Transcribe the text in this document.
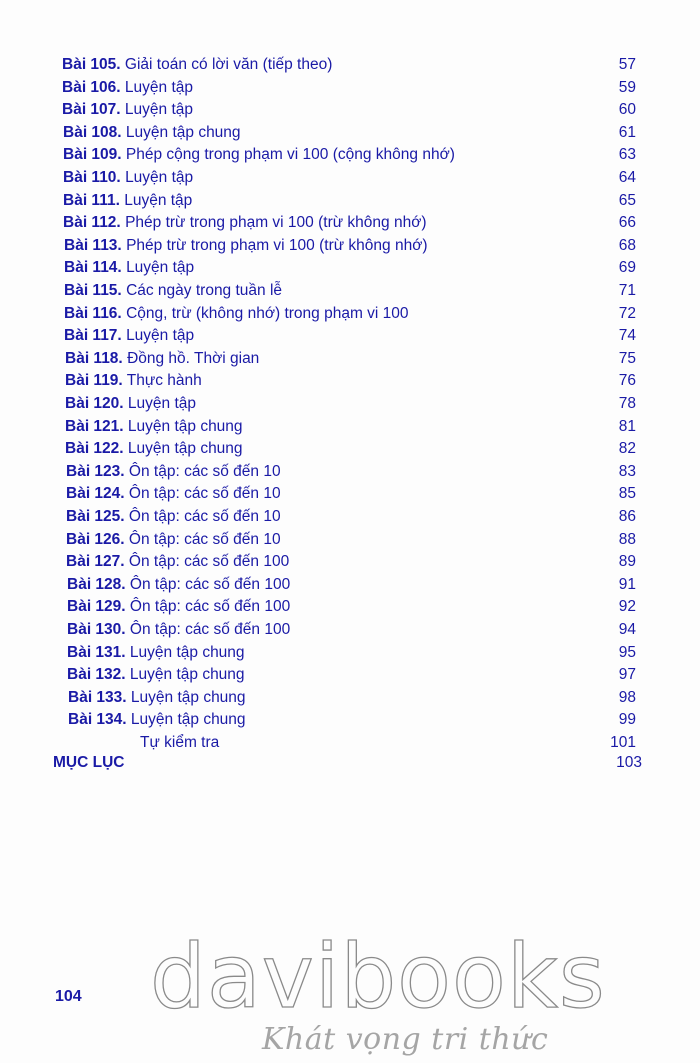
Bài 105. Giải toán có lời văn (tiếp theo)	57
Bài 106. Luyện tập	59
Bài 107. Luyện tập	60
Bài 108. Luyện tập chung	61
Bài 109. Phép cộng trong phạm vi 100 (cộng không nhớ)	63
Bài 110. Luyện tập	64
Bài 111. Luyện tập	65
Bài 112. Phép trừ trong phạm vi 100 (trừ không nhớ)	66
Bài 113. Phép trừ trong phạm vi 100 (trừ không nhớ)	68
Bài 114. Luyện tập	69
Bài 115. Các ngày trong tuần lễ	71
Bài 116. Cộng, trừ (không nhớ) trong phạm vi 100	72
Bài 117. Luyện tập	74
Bài 118. Đồng hồ. Thời gian	75
Bài 119. Thực hành	76
Bài 120. Luyện tập	78
Bài 121. Luyện tập chung	81
Bài 122. Luyện tập chung	82
Bài 123. Ôn tập: các số đến 10	83
Bài 124. Ôn tập: các số đến 10	85
Bài 125. Ôn tập: các số đến 10	86
Bài 126. Ôn tập: các số đến 10	88
Bài 127. Ôn tập: các số đến 100	89
Bài 128. Ôn tập: các số đến 100	91
Bài 129. Ôn tập: các số đến 100	92
Bài 130. Ôn tập: các số đến 100	94
Bài 131. Luyện tập chung	95
Bài 132. Luyện tập chung	97
Bài 133. Luyện tập chung	98
Bài 134. Luyện tập chung	99
Tự kiểm tra	101
MỤC LỤC	103
104 davibooks
Khát vọng tri thức
